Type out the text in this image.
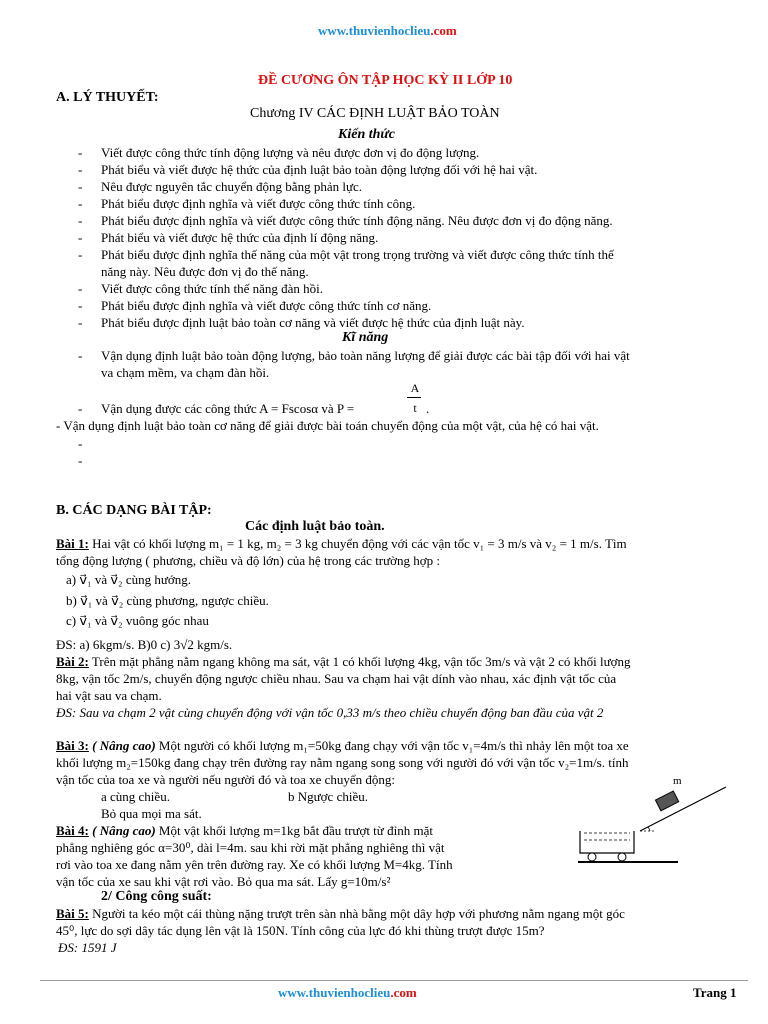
www.thuvienhoclieu.com
ĐỀ CƯƠNG ÔN TẬP HỌC KỲ II LỚP 10
A. LÝ THUYẾT:
Chương IV CÁC ĐỊNH LUẬT BẢO TOÀN
Kiến thức
- Viết được công thức tính động lượng và nêu được đơn vị đo động lượng.
- Phát biểu và viết được hệ thức của định luật bảo toàn động lượng đối với hệ hai vật.
- Nêu được nguyên tắc chuyển động bằng phản lực.
- Phát biểu được định nghĩa và viết được công thức tính công.
- Phát biểu được định nghĩa và viết được công thức tính động năng. Nêu được đơn vị đo động năng.
- Phát biểu và viết được hệ thức của định lí động năng.
- Phát biểu được định nghĩa thế năng của một vật trong trọng trường và viết được công thức tính thế
năng này. Nêu được đơn vị đo thế năng.
- Viết được công thức tính thế năng đàn hồi.
- Phát biểu được định nghĩa và viết được công thức tính cơ năng.
- Phát biểu được định luật bảo toàn cơ năng và viết được hệ thức của định luật này.
Kĩ năng
- Vận dụng định luật bảo toàn động lượng, bảo toàn năng lượng để giải được các bài tập đối với hai vật
va chạm mềm, va chạm đàn hồi.
- Vận dụng được các công thức A = Fscosα và P =
A
t .
- Vận dụng định luật bảo toàn cơ năng để giải được bài toán chuyển động của một vật, của hệ có hai vật.
-
-
B. CÁC DẠNG BÀI TẬP:
Các định luật bảo toàn.
Bài 1: Hai vật có khối lượng m₁ = 1 kg, m₂ = 3 kg chuyển động với các vận tốc v₁ = 3 m/s và v₂ = 1 m/s. Tìm
tổng động lượng ( phương, chiều và độ lớn) của hệ trong các trường hợp :
a) v⃗₁ và v⃗₂ cùng hướng.
b) v⃗₁ và v⃗₂ cùng phương, ngược chiều.
c) v⃗₁ và v⃗₂ vuông góc nhau
ĐS: a) 6kgm/s. B)0 c) 3√2 kgm/s.
Bài 2: Trên mặt phẳng nằm ngang không ma sát, vật 1 có khối lượng 4kg, vận tốc 3m/s và vật 2 có khối lượng
8kg, vận tốc 2m/s, chuyển động ngược chiều nhau. Sau va chạm hai vật dính vào nhau, xác định vật tốc của
hai vật sau va chạm.
ĐS: Sau va chạm 2 vật cùng chuyển động với vận tốc 0,33 m/s theo chiều chuyển động ban đầu của vật 2
Bài 3: ( Nâng cao) Một người có khối lượng m₁=50kg đang chạy với vận tốc v₁=4m/s thì nhảy lên một toa xe
khối lượng m₂=150kg đang chạy trên đường ray nằm ngang song song với người đó với vận tốc v₂=1m/s. tính
vận tốc của toa xe và người nếu người đó và toa xe chuyển động:
a cùng chiều.	b Ngược chiều.
Bỏ qua mọi ma sát.
Bài 4: ( Nâng cao) Một vật khối lượng m=1kg bắt đầu trượt từ đỉnh mặt
phẳng nghiêng góc α=30⁰, dài l=4m. sau khi rời mặt phẳng nghiêng thì vật
rơi vào toa xe đang nằm yên trên đường ray. Xe có khối lượng M=4kg. Tính
vận tốc của xe sau khi vật rơi vào. Bỏ qua ma sát. Lấy g=10m/s²
m
2/ Công công suất:
Bài 5: Người ta kéo một cái thùng nặng trượt trên sàn nhà bằng một dây hợp với phương nằm ngang một góc
45⁰, lực do sợi dây tác dụng lên vật là 150N. Tính công của lực đó khi thùng trượt được 15m?
ĐS: 1591 J
www.thuvienhoclieu.com	Trang 1
